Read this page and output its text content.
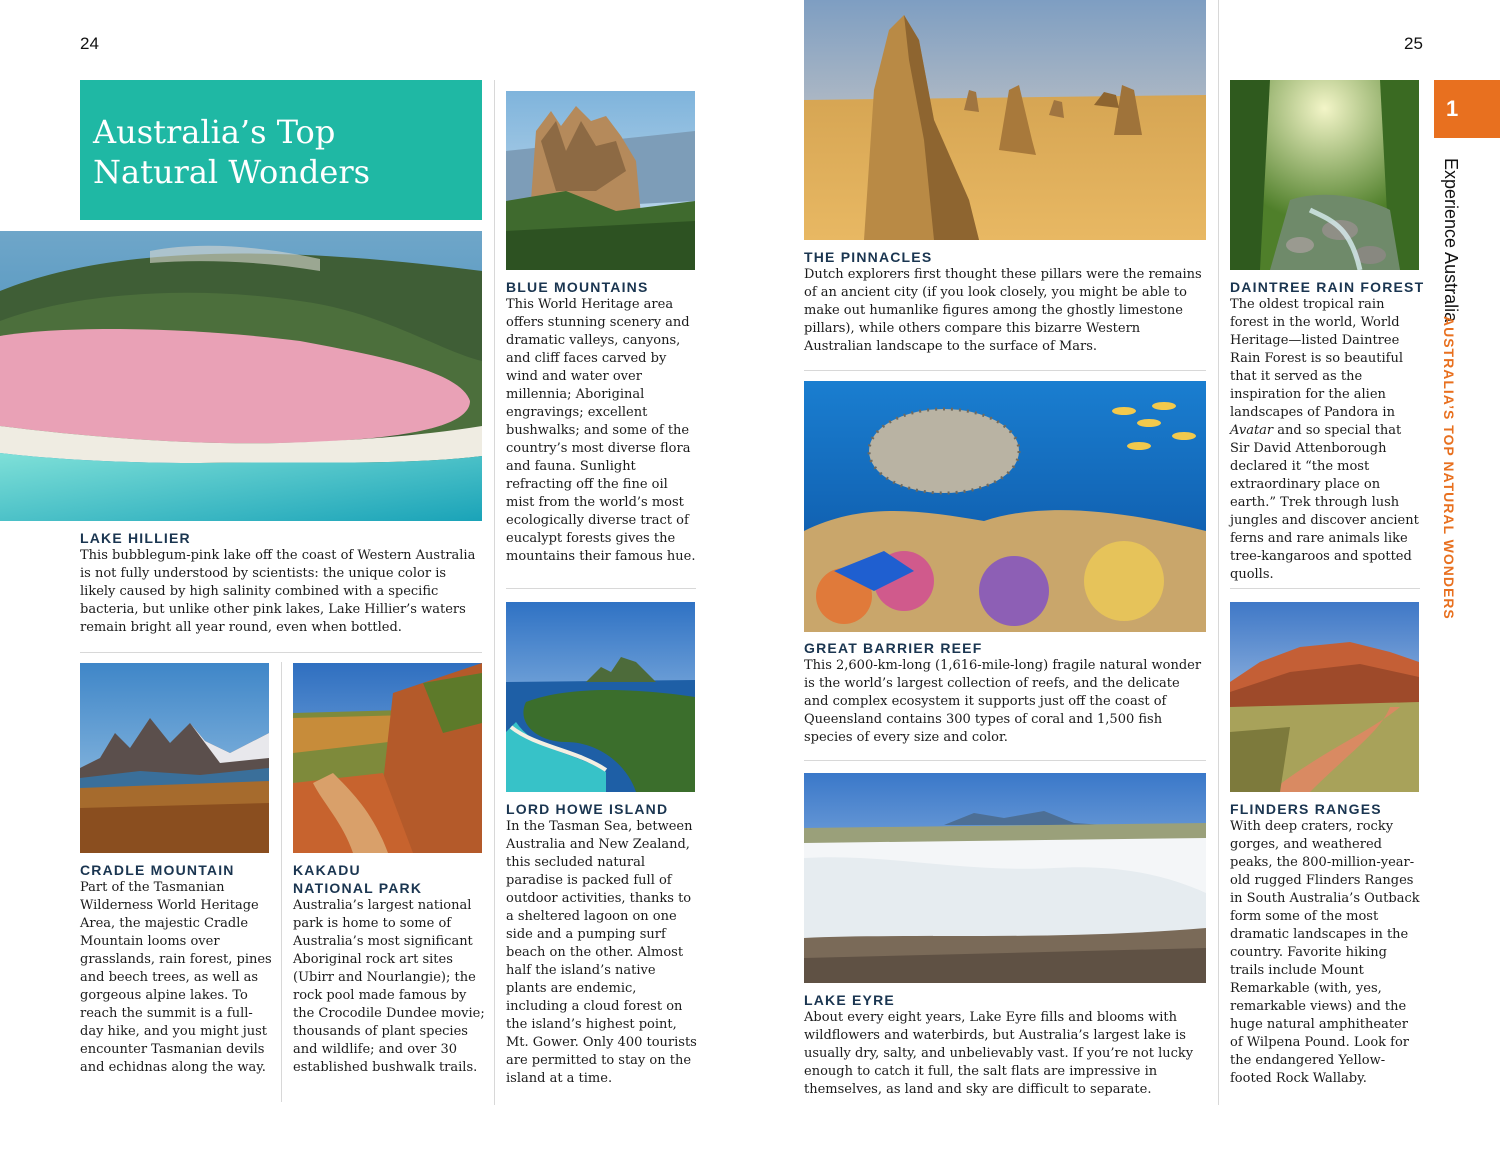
24	25
Australia’s Top Natural Wonders
LAKE HILLIER
This bubblegum-pink lake off the coast of Western Australia is not fully understood by scientists: the unique color is likely caused by high salinity combined with a specific bacteria, but unlike other pink lakes, Lake Hillier’s waters remain bright all year round, even when bottled.
CRADLE MOUNTAIN
Part of the Tasmanian Wilderness World Heritage Area, the majestic Cradle Mountain looms over grasslands, rain forest, pines and beech trees, as well as gorgeous alpine lakes. To reach the summit is a full-day hike, and you might just encounter Tasmanian devils and echidnas along the way.
KAKADU NATIONAL PARK
Australia’s largest national park is home to some of Australia’s most significant Aboriginal rock art sites (Ubirr and Nourlangie); the rock pool made famous by the Crocodile Dundee movie; thousands of plant species and wildlife; and over 30 established bushwalk trails.
BLUE MOUNTAINS
This World Heritage area offers stunning scenery and dramatic valleys, canyons, and cliff faces carved by wind and water over millennia; Aboriginal engravings; excellent bushwalks; and some of the country’s most diverse flora and fauna. Sunlight refracting off the fine oil mist from the world’s most ecologically diverse tract of eucalypt forests gives the mountains their famous hue.
LORD HOWE ISLAND
In the Tasman Sea, between Australia and New Zealand, this secluded natural paradise is packed full of outdoor activities, thanks to a sheltered lagoon on one side and a pumping surf beach on the other. Almost half the island’s native plants are endemic, including a cloud forest on the island’s highest point, Mt. Gower. Only 400 tourists are permitted to stay on the island at a time.
THE PINNACLES
Dutch explorers first thought these pillars were the remains of an ancient city (if you look closely, you might be able to make out humanlike figures among the ghostly limestone pillars), while others compare this bizarre Western Australian landscape to the surface of Mars.
GREAT BARRIER REEF
This 2,600-km-long (1,616-mile-long) fragile natural wonder is the world’s largest collection of reefs, and the delicate and complex ecosystem it supports just off the coast of Queensland contains 300 types of coral and 1,500 fish species of every size and color.
LAKE EYRE
About every eight years, Lake Eyre fills and blooms with wildflowers and waterbirds, but Australia’s largest lake is usually dry, salty, and unbelievably vast. If you’re not lucky enough to catch it full, the salt flats are impressive in themselves, as land and sky are difficult to separate.
DAINTREE RAIN FOREST
The oldest tropical rain forest in the world, World Heritage—listed Daintree Rain Forest is so beautiful that it served as the inspiration for the alien landscapes of Pandora in Avatar and so special that Sir David Attenborough declared it “the most extraordinary place on earth.” Trek through lush jungles and discover ancient ferns and rare animals like tree-kangaroos and spotted quolls.
FLINDERS RANGES
With deep craters, rocky gorges, and weathered peaks, the 800-million-year-old rugged Flinders Ranges in South Australia’s Outback form some of the most dramatic landscapes in the country. Favorite hiking trails include Mount Remarkable (with, yes, remarkable views) and the huge natural amphitheater of Wilpena Pound. Look for the endangered Yellow-footed Rock Wallaby.
1
Experience Australia
AUSTRALIA’S TOP NATURAL WONDERS
